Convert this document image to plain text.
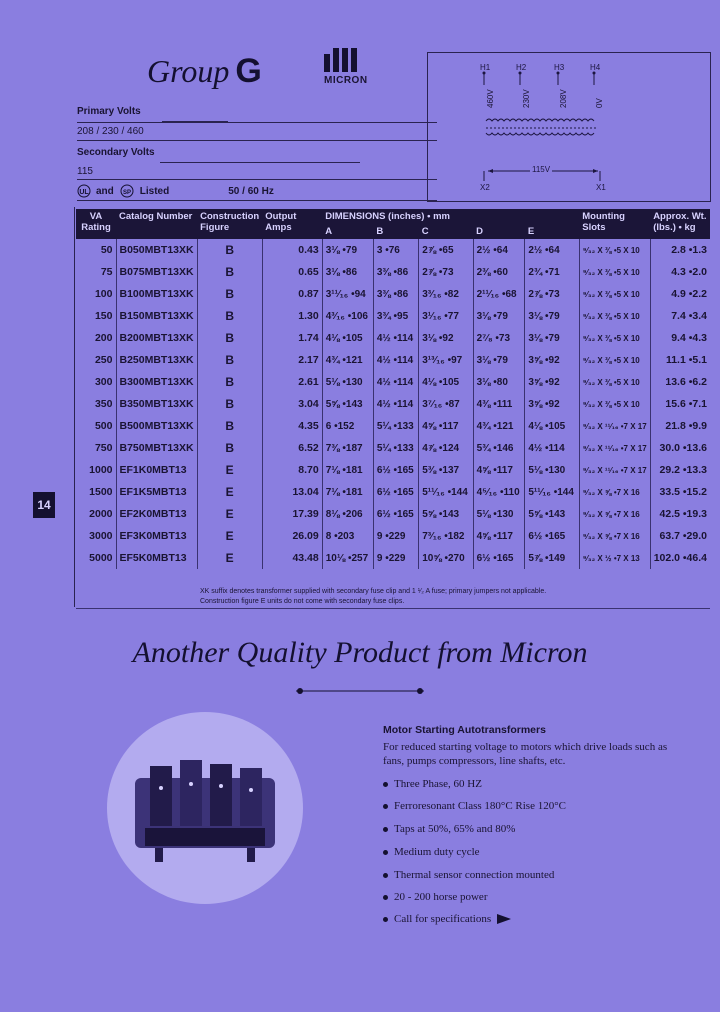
Group G	MICRON
Primary Volts
208 / 230 / 460
Secondary Volts
115
UL and SP Listed	50 / 60 Hz
H1	H2	H3	H4
460V	230V	208V	0V
115V
X2	X1
VA Rating	Catalog Number	Construction Figure	Output Amps	DIMENSIONS (inches) • mm					Mounting Slots	Approx. Wt. (lbs.) • kg
				A	B	C	D	E		
50	B050MBT13XK	B	0.43	3⅛ •79	3 •76	2⅞ •65	2½ •64	2½ •64	⁹⁄₃₂ X ⅜ •5 X 10	2.8 •1.3
75	B075MBT13XK	B	0.65	3⅛ •86	3⅜ •86	2⅞ •73	2⅜ •60	2¾ •71	⁹⁄₃₂ X ⅜ •5 X 10	4.3 •2.0
100	B100MBT13XK	B	0.87	3¹¹⁄₁₆ •94	3⅜ •86	3³⁄₁₆ •82	2¹¹⁄₁₆ •68	2⅞ •73	⁹⁄₃₂ X ⅜ •5 X 10	4.9 •2.2
150	B150MBT13XK	B	1.30	4³⁄₁₆ •106	3¾ •95	3¹⁄₁₆ •77	3⅛ •79	3⅛ •79	⁹⁄₃₂ X ⅜ •5 X 10	7.4 •3.4
200	B200MBT13XK	B	1.74	4⅛ •105	4½ •114	3⅛ •92	2⁷⁄₈ •73	3⅛ •79	⁹⁄₃₂ X ⅜ •5 X 10	9.4 •4.3
250	B250MBT13XK	B	2.17	4¾ •121	4½ •114	3¹³⁄₁₆ •97	3⅛ •79	3⅝ •92	⁹⁄₃₂ X ⅜ •5 X 10	11.1 •5.1
300	B300MBT13XK	B	2.61	5⅛ •130	4½ •114	4⅛ •105	3⅛ •80	3⅝ •92	⁹⁄₃₂ X ⅜ •5 X 10	13.6 •6.2
350	B350MBT13XK	B	3.04	5⅝ •143	4½ •114	3⁷⁄₁₆ •87	4⅜ •111	3⅝ •92	⁹⁄₃₂ X ⅜ •5 X 10	15.6 •7.1
500	B500MBT13XK	B	4.35	6 •152	5¼ •133	4⅝ •117	4¾ •121	4⅛ •105	⁹⁄₃₂ X ¹¹⁄₁₆ •7 X 17	21.8 •9.9
750	B750MBT13XK	B	6.52	7⅜ •187	5¼ •133	4⅞ •124	5¾ •146	4½ •114	⁹⁄₃₂ X ¹¹⁄₁₆ •7 X 17	30.0 •13.6
1000	EF1K0MBT13	E	8.70	7⅛ •181	6½ •165	5⅜ •137	4⅝ •117	5⅛ •130	⁹⁄₃₂ X ¹¹⁄₁₆ •7 X 17	29.2 •13.3
1500	EF1K5MBT13	E	13.04	7⅛ •181	6½ •165	5¹¹⁄₁₆ •144	4⁵⁄₁₆ •110	5¹¹⁄₁₆ •144	⁹⁄₃₂ X ⅝ •7 X 16	33.5 •15.2
2000	EF2K0MBT13	E	17.39	8⅛ •206	6½ •165	5⅝ •143	5⅛ •130	5⅝ •143	⁹⁄₃₂ X ⅝ •7 X 16	42.5 •19.3
3000	EF3K0MBT13	E	26.09	8 •203	9 •229	7³⁄₁₆ •182	4⅝ •117	6½ •165	⁹⁄₃₂ X ⅝ •7 X 16	63.7 •29.0
5000	EF5K0MBT13	E	43.48	10⅛ •257	9 •229	10⅝ •270	6½ •165	5⅞ •149	⁹⁄₃₂ X ½ •7 X 13	102.0 •46.4
XK suffix denotes transformer supplied with secondary fuse clip and 1 ¹⁄₂ A fuse; primary jumpers not applicable.
Construction figure E units do not come with secondary fuse clips.
14
Another Quality Product from Micron
Motor Starting Autotransformers
For reduced starting voltage to motors which drive loads such as fans, pumps compressors, line shafts, etc.
Three Phase, 60 HZ
Ferroresonant Class 180°C Rise 120°C
Taps at 50%, 65% and 80%
Medium duty cycle
Thermal sensor connection mounted
20 - 200 horse power
Call for specifications
